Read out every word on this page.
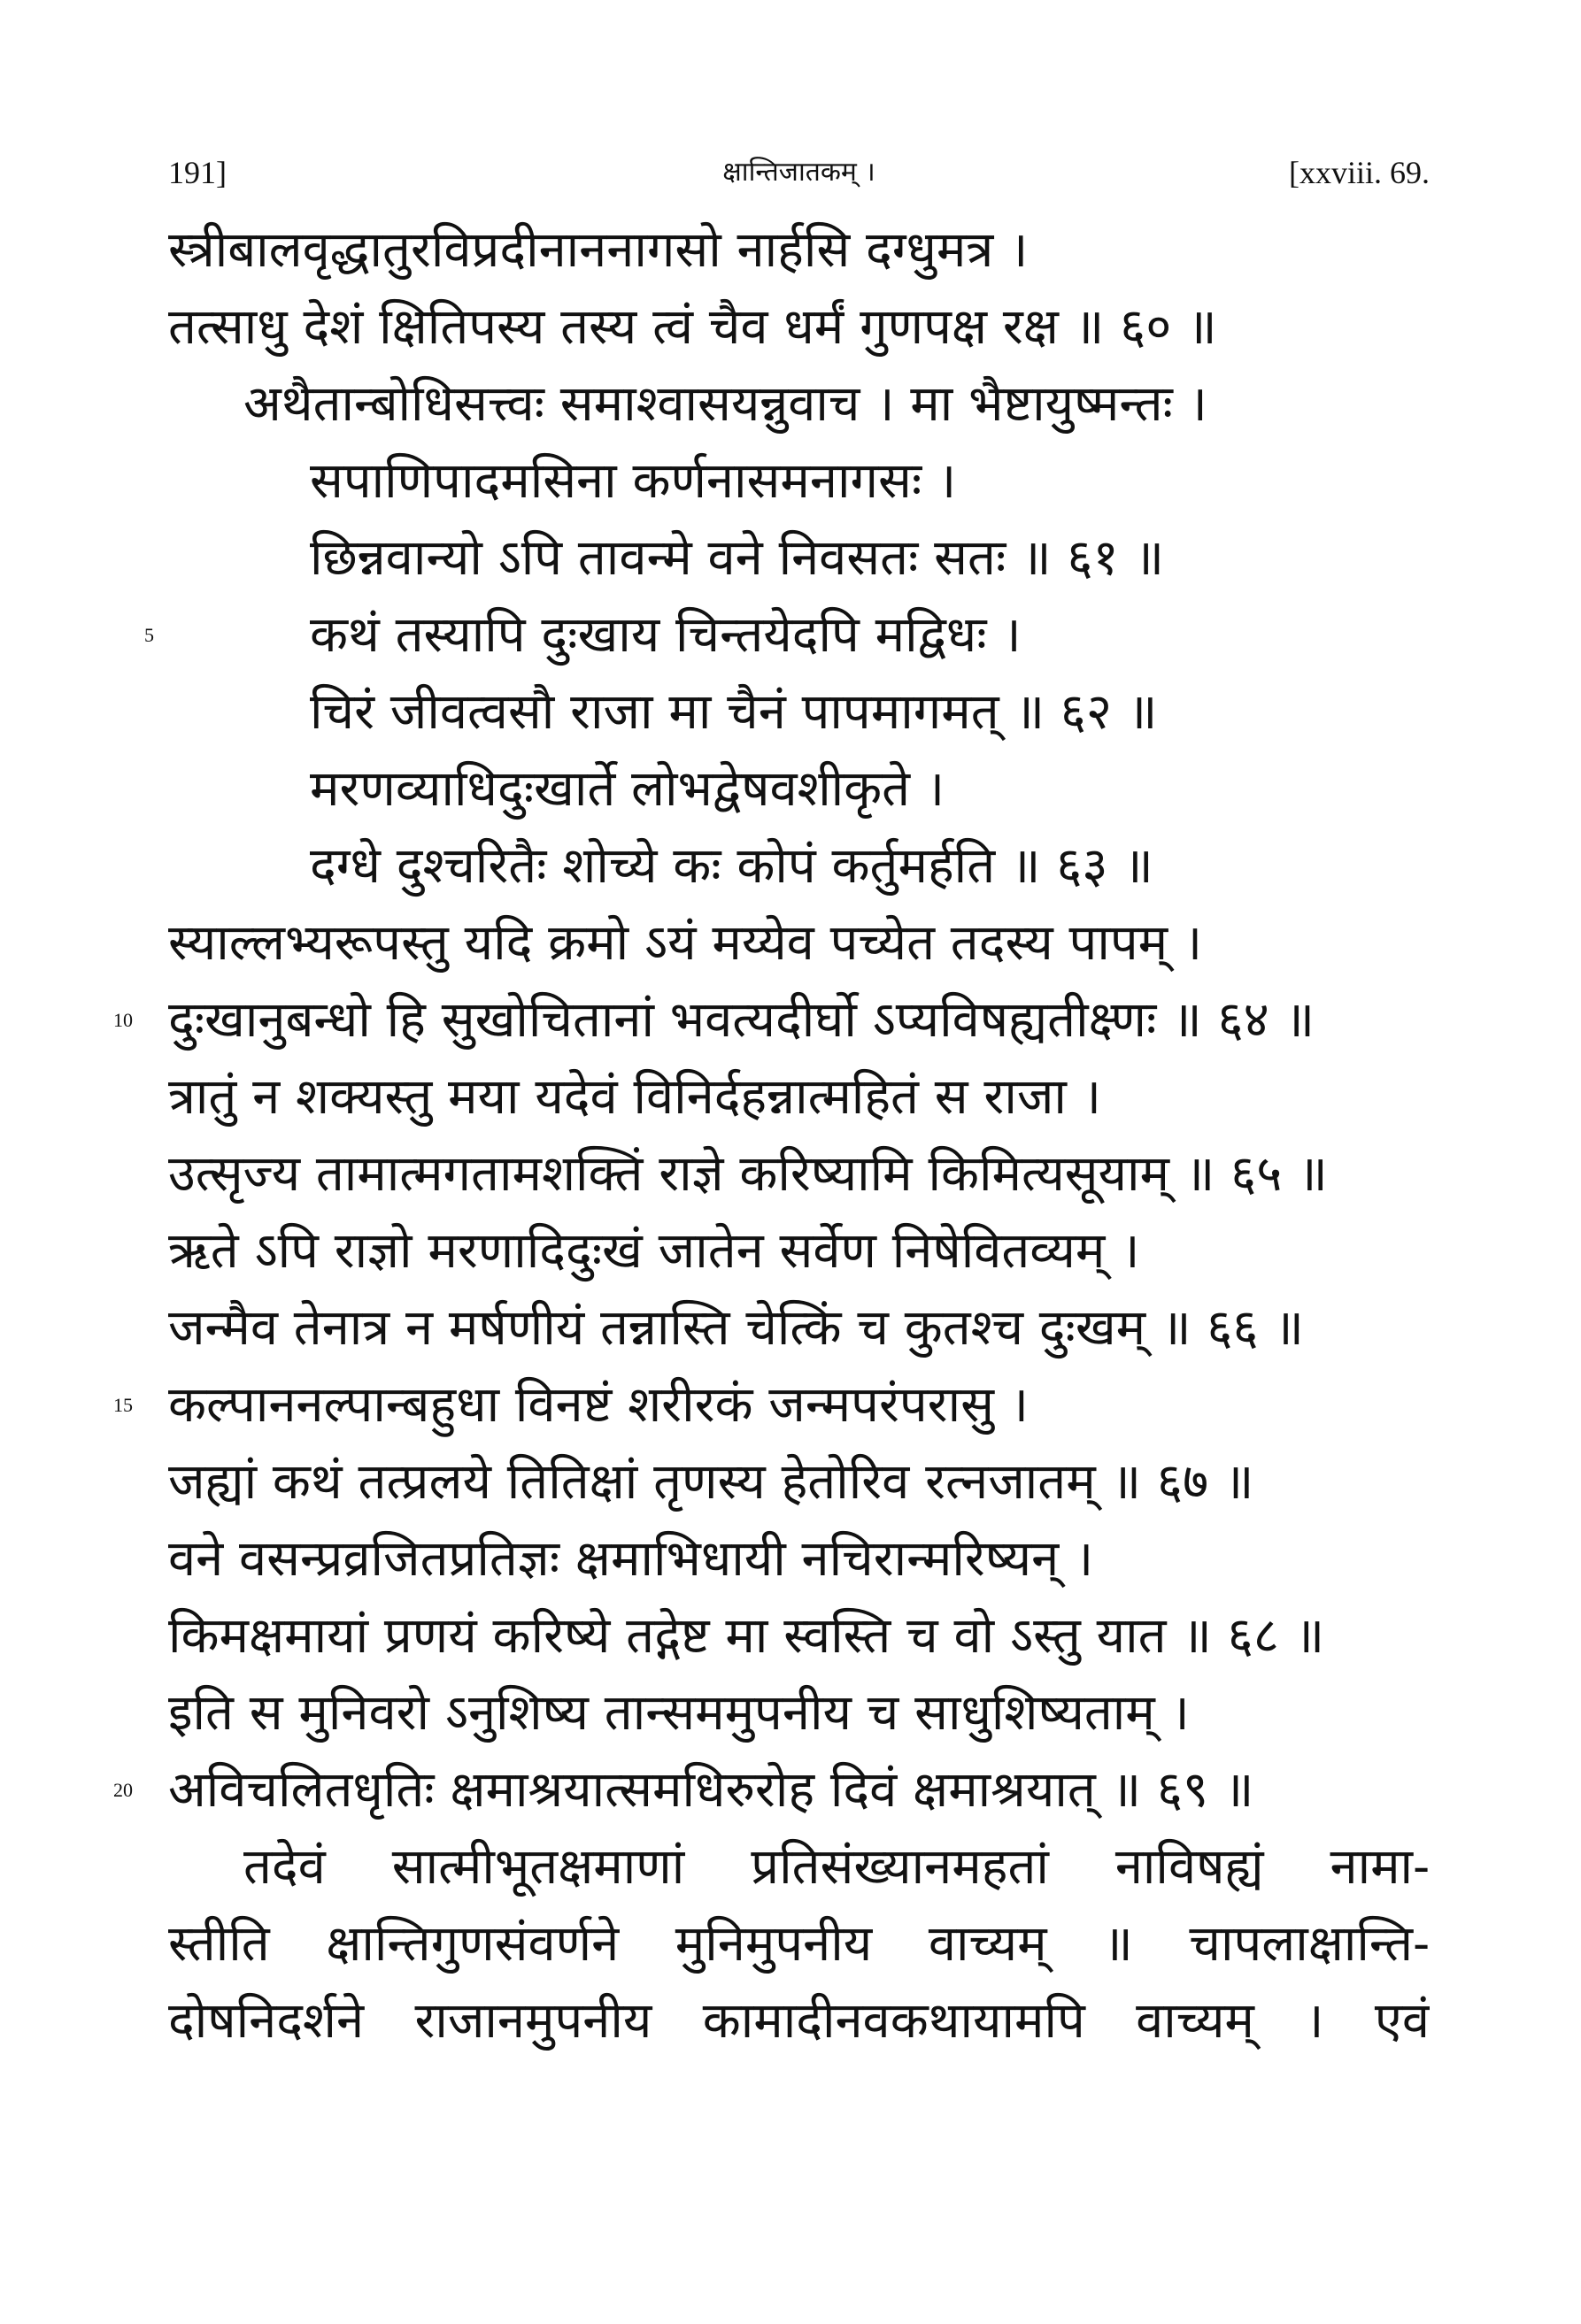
191]	क्षान्तिजातकम् ।	[xxviii. 69.
5
10
15
20
स्त्रीबालवृद्धातुरविप्रदीनाननागसो नार्हसि दग्धुमत्र ।
तत्साधु देशं क्षितिपस्य तस्य त्वं चैव धर्मं गुणपक्ष रक्ष ॥ ६० ॥
अथैतान्बोधिसत्त्वः समाश्वासयन्नुवाच । मा भैष्टायुष्मन्तः ।
सपाणिपादमसिना कर्णनासमनागसः ।
छिन्नवान्यो ऽपि तावन्मे वने निवसतः सतः ॥ ६१ ॥
कथं तस्यापि दुःखाय चिन्तयेदपि मद्विधः ।
चिरं जीवत्वसौ राजा मा चैनं पापमागमत् ॥ ६२ ॥
मरणव्याधिदुःखार्ते लोभद्वेषवशीकृते ।
दग्धे दुश्चरितैः शोच्ये कः कोपं कर्तुमर्हति ॥ ६३ ॥
स्याल्लभ्यरूपस्तु यदि क्रमो ऽयं मय्येव पच्येत तदस्य पापम् ।
दुःखानुबन्धो हि सुखोचितानां भवत्यदीर्घो ऽप्यविषह्यतीक्ष्णः ॥ ६४ ॥
त्रातुं न शक्यस्तु मया यदेवं विनिर्दहन्नात्महितं स राजा ।
उत्सृज्य तामात्मगतामशक्तिं राज्ञे करिष्यामि किमित्यसूयाम् ॥ ६५ ॥
ऋते ऽपि राज्ञो मरणादिदुःखं जातेन सर्वेण निषेवितव्यम् ।
जन्मैव तेनात्र न मर्षणीयं तन्नास्ति चेत्किं च कुतश्च दुःखम् ॥ ६६ ॥
कल्पाननल्पान्बहुधा विनष्टं शरीरकं जन्मपरंपरासु ।
जह्यां कथं तत्प्रलये तितिक्षां तृणस्य हेतोरिव रत्नजातम् ॥ ६७ ॥
वने वसन्प्रव्रजितप्रतिज्ञः क्षमाभिधायी नचिरान्मरिष्यन् ।
किमक्षमायां प्रणयं करिष्ये तद्गेष्ट मा स्वस्ति च वो ऽस्तु यात ॥ ६८ ॥
इति स मुनिवरो ऽनुशिष्य तान्सममुपनीय च साधुशिष्यताम् ।
अविचलितधृतिः क्षमाश्रयात्समधिरुरोह दिवं क्षमाश्रयात् ॥ ६९ ॥
तदेवं सात्मीभूतक्षमाणां प्रतिसंख्यानमहतां नाविषह्यं नामा-
स्तीति क्षान्तिगुणसंवर्णने मुनिमुपनीय वाच्यम् ॥ चापलाक्षान्ति-
दोषनिदर्शने राजानमुपनीय कामादीनवकथायामपि वाच्यम् । एवं
